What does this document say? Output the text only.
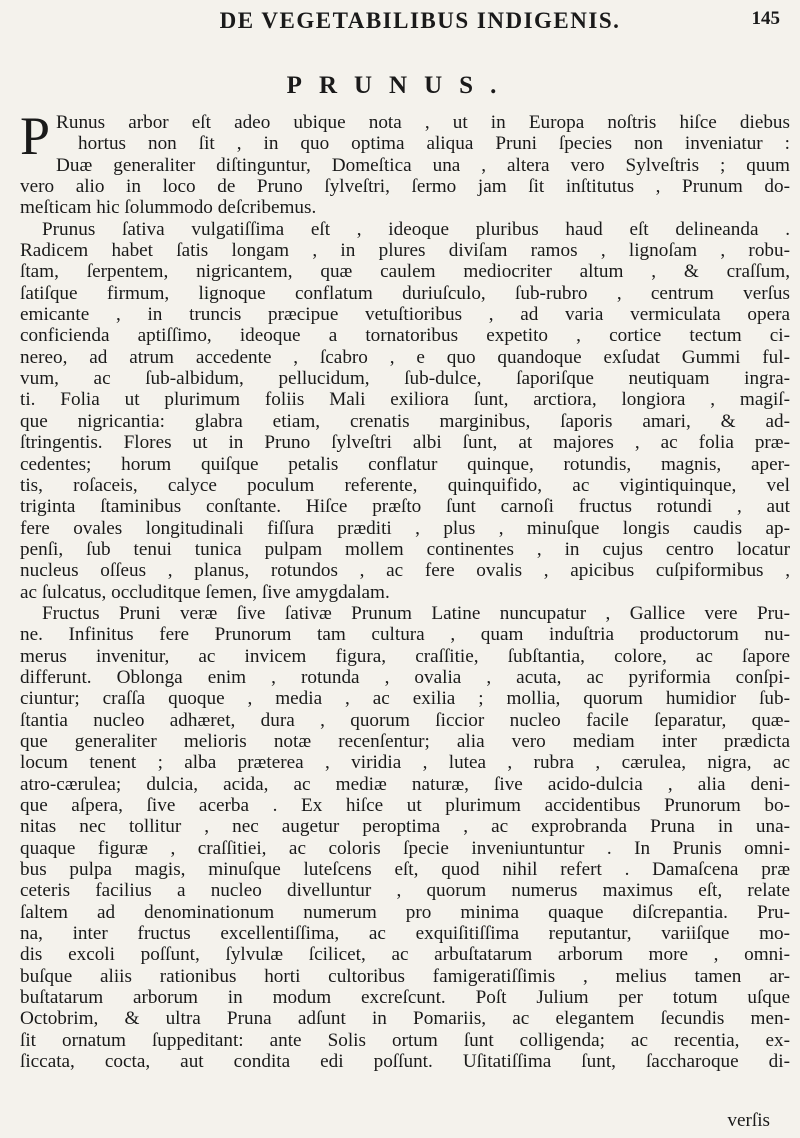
DE VEGETABILIBUS INDIGENIS.	145
PRUNUS.
P Runus arbor eſt adeo ubique nota , ut in Europa noſtris hiſce diebus
hortus non ſit , in quo optima aliqua Pruni ſpecies non inveniatur :
Duæ generaliter diſtinguntur, Domeſtica una , altera vero Sylveſtris ; quum
vero alio in loco de Pruno ſylveſtri, ſermo jam ſit inſtitutus , Prunum do-
meſticam hic ſolummodo deſcribemus.
Prunus ſativa vulgatiſſima eſt , ideoque pluribus haud eſt delineanda .
Radicem habet ſatis longam , in plures diviſam ramos , lignoſam , robu-
ſtam, ſerpentem, nigricantem, quæ caulem mediocriter altum , & craſſum,
ſatiſque firmum, lignoque conflatum duriuſculo, ſub-rubro , centrum verſus
emicante , in truncis præcipue vetuſtioribus , ad varia vermiculata opera
conficienda aptiſſimo, ideoque a tornatoribus expetito , cortice tectum ci-
nereo, ad atrum accedente , ſcabro , e quo quandoque exſudat Gummi ful-
vum, ac ſub-albidum, pellucidum, ſub-dulce, ſaporiſque neutiquam ingra-
ti. Folia ut plurimum foliis Mali exiliora ſunt, arctiora, longiora , magiſ-
que nigricantia: glabra etiam, crenatis marginibus, ſaporis amari, & ad-
ſtringentis. Flores ut in Pruno ſylveſtri albi ſunt, at majores , ac folia præ-
cedentes; horum quiſque petalis conflatur quinque, rotundis, magnis, aper-
tis, roſaceis, calyce poculum referente, quinquifido, ac vigintiquinque, vel
triginta ſtaminibus conſtante. Hiſce præſto ſunt carnoſi fructus rotundi , aut
fere ovales longitudinali fiſſura præditi , plus , minuſque longis caudis ap-
penſi, ſub tenui tunica pulpam mollem continentes , in cujus centro locatur
nucleus oſſeus , planus, rotundos , ac fere ovalis , apicibus cuſpiformibus ,
ac ſulcatus, occluditque ſemen, ſive amygdalam.
Fructus Pruni veræ ſive ſativæ Prunum Latine nuncupatur , Gallice vere Pru-
ne. Infinitus fere Prunorum tam cultura , quam induſtria productorum nu-
merus invenitur, ac invicem figura, craſſitie, ſubſtantia, colore, ac ſapore
differunt. Oblonga enim , rotunda , ovalia , acuta, ac pyriformia conſpi-
ciuntur; craſſa quoque , media , ac exilia ; mollia, quorum humidior ſub-
ſtantia nucleo adhæret, dura , quorum ſiccior nucleo facile ſeparatur, quæ-
que generaliter melioris notæ recenſentur; alia vero mediam inter prædicta
locum tenent ; alba præterea , viridia , lutea , rubra , cærulea, nigra, ac
atro-cærulea; dulcia, acida, ac mediæ naturæ, ſive acido-dulcia , alia deni-
que aſpera, ſive acerba . Ex hiſce ut plurimum accidentibus Prunorum bo-
nitas nec tollitur , nec augetur peroptima , ac exprobranda Pruna in una-
quaque figuræ , craſſitiei, ac coloris ſpecie inveniuntuntur . In Prunis omni-
bus pulpa magis, minuſque luteſcens eſt, quod nihil refert . Damaſcena præ
ceteris facilius a nucleo divelluntur , quorum numerus maximus eſt, relate
ſaltem ad denominationum numerum pro minima quaque diſcrepantia. Pru-
na, inter fructus excellentiſſima, ac exquiſitiſſima reputantur, variiſque mo-
dis excoli poſſunt, ſylvulæ ſcilicet, ac arbuſtatarum arborum more , omni-
buſque aliis rationibus horti cultoribus famigeratiſſimis , melius tamen ar-
buſtatarum arborum in modum excreſcunt. Poſt Julium per totum uſque
Octobrim, & ultra Pruna adſunt in Pomariis, ac elegantem ſecundis men-
ſit ornatum ſuppeditant: ante Solis ortum ſunt colligenda; ac recentia, ex-
ſiccata, cocta, aut condita edi poſſunt. Uſitatiſſima ſunt, ſaccharoque di-
verſis
